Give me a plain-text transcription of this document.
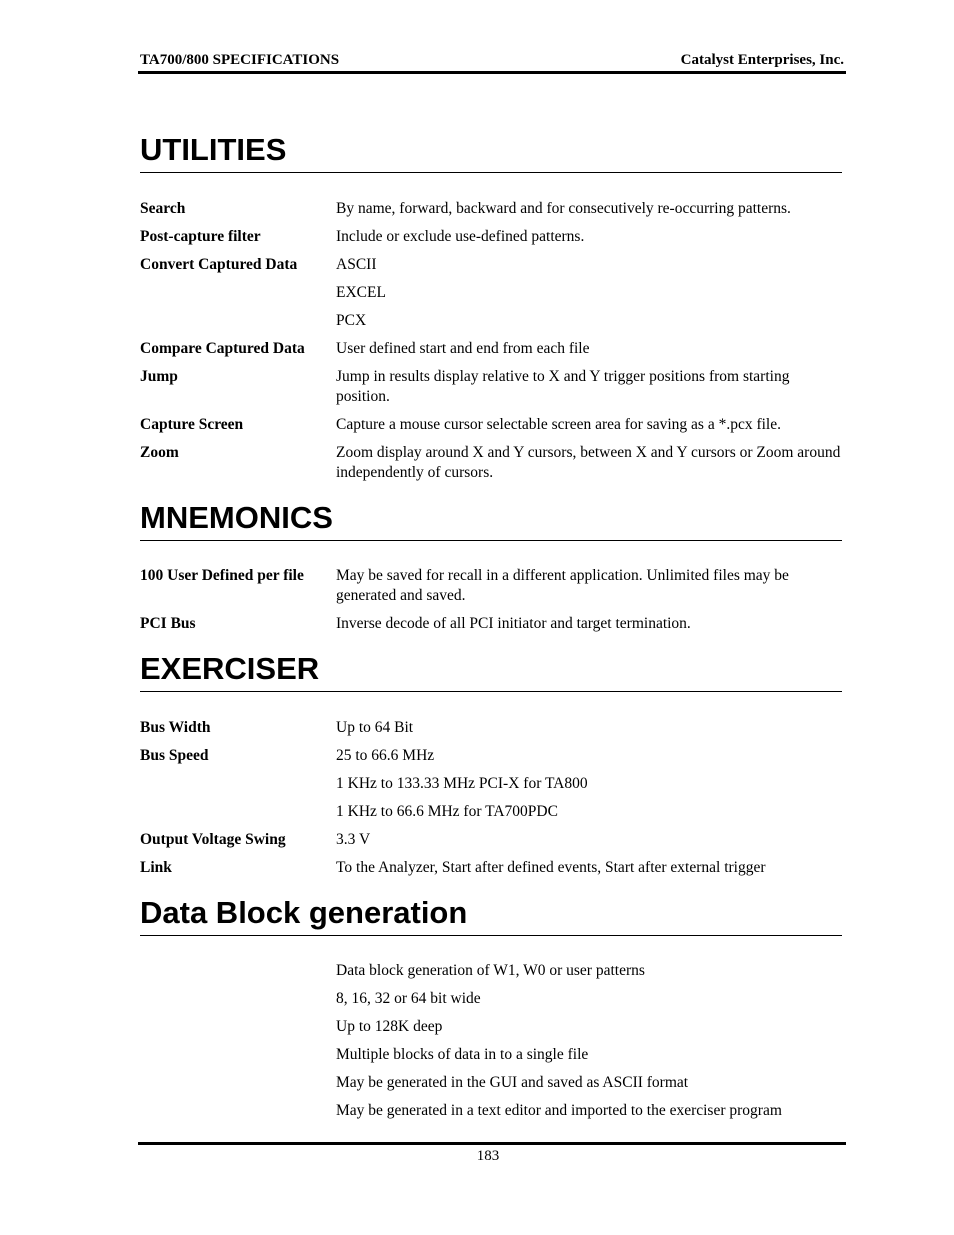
TA700/800 SPECIFICATIONS	Catalyst Enterprises, Inc.
UTILITIES
Search	By name, forward, backward and for consecutively re-occurring patterns.
Post-capture filter	Include or exclude use-defined patterns.
Convert Captured Data	ASCII
EXCEL
PCX
Compare Captured Data	User defined start and end from each file
Jump	Jump in results display relative to X and Y trigger positions from starting position.
Capture Screen	Capture a mouse cursor selectable screen area for saving as a *.pcx file.
Zoom	Zoom display around X and Y cursors, between X and Y cursors or Zoom around independently of cursors.
MNEMONICS
100 User Defined per file	May be saved for recall in a different application. Unlimited files may be generated and saved.
PCI Bus	Inverse decode of all PCI initiator and target termination.
EXERCISER
Bus Width	Up to 64 Bit
Bus Speed	25 to 66.6 MHz
1 KHz to 133.33 MHz PCI-X for TA800
1 KHz to 66.6 MHz for TA700PDC
Output Voltage Swing	3.3 V
Link	To the Analyzer, Start after defined events, Start after external trigger
Data Block generation
Data block generation of W1, W0 or user patterns
8, 16, 32 or 64 bit wide
Up to 128K deep
Multiple blocks of data in to a single file
May be generated in the GUI and saved as ASCII format
May be generated in a text editor and imported to the exerciser program
183
